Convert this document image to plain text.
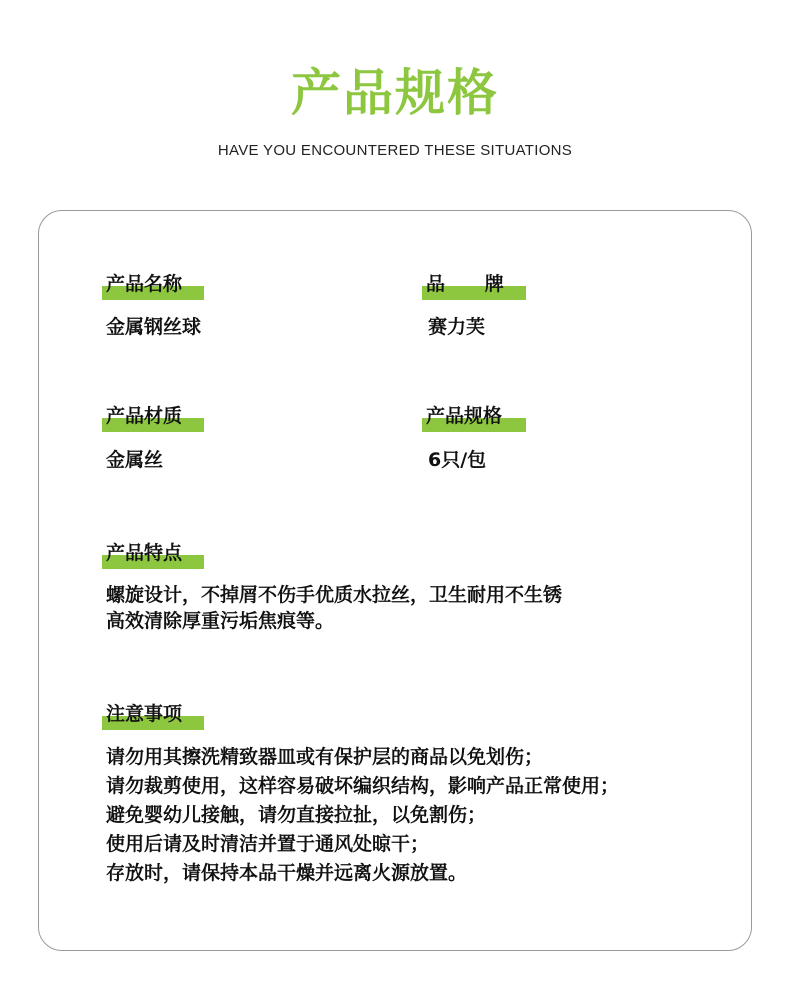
产品规格
HAVE YOU ENCOUNTERED THESE SITUATIONS
产品名称
金属钢丝球
品      牌
赛力芙
产品材质
金属丝
产品规格
6只/包
产品特点
螺旋设计，不掉屑不伤手优质水拉丝，卫生耐用不生锈
高效清除厚重污垢焦痕等。
注意事项
请勿用其擦洗精致器皿或有保护层的商品以免划伤；
请勿裁剪使用，这样容易破坏编织结构，影响产品正常使用；
避免婴幼儿接触，请勿直接拉扯，以免割伤；
使用后请及时清洁并置于通风处晾干；
存放时，请保持本品干燥并远离火源放置。
